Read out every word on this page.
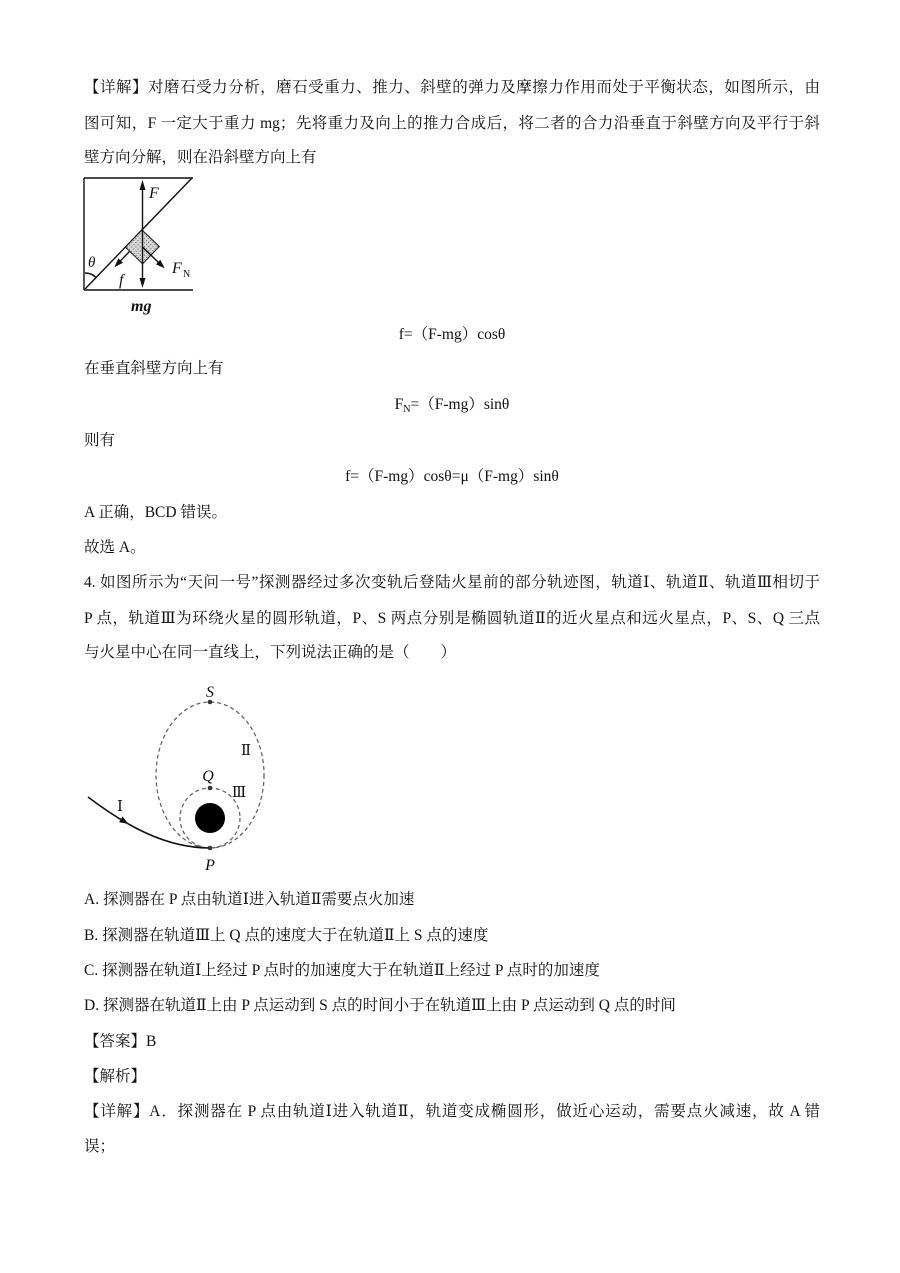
【详解】对磨石受力分析，磨石受重力、推力、斜壁的弹力及摩擦力作用而处于平衡状态，如图所示，由
图可知，F 一定大于重力 mg；先将重力及向上的推力合成后，将二者的合力沿垂直于斜壁方向及平行于斜
壁方向分解，则在沿斜壁方向上有
F
F N
f
θ
mg
f=（F-mg）cosθ
在垂直斜壁方向上有
$F_N=(F-mg)\sin\theta$
则有
f=（F-mg）cosθ=μ（F-mg）sinθ
A 正确，BCD 错误。
故选 A。
4. 如图所示为“天问一号”探测器经过多次变轨后登陆火星前的部分轨迹图，轨道Ⅰ、轨道Ⅱ、轨道Ⅲ相切于
P 点，轨道Ⅲ为环绕火星的圆形轨道，P、S 两点分别是椭圆轨道Ⅱ的近火星点和远火星点，P、S、Q 三点
与火星中心在同一直线上，下列说法正确的是（　　）
S
Ⅱ
Q
Ⅲ
Ⅰ
P
A. 探测器在 P 点由轨道Ⅰ进入轨道Ⅱ需要点火加速
B. 探测器在轨道Ⅲ上 Q 点的速度大于在轨道Ⅱ上 S 点的速度
C. 探测器在轨道Ⅰ上经过 P 点时的加速度大于在轨道Ⅱ上经过 P 点时的加速度
D. 探测器在轨道Ⅱ上由 P 点运动到 S 点的时间小于在轨道Ⅲ上由 P 点运动到 Q 点的时间
【答案】B
【解析】
【详解】A．探测器在 P 点由轨道Ⅰ进入轨道Ⅱ，轨道变成椭圆形，做近心运动，需要点火减速，故 A 错
误；
